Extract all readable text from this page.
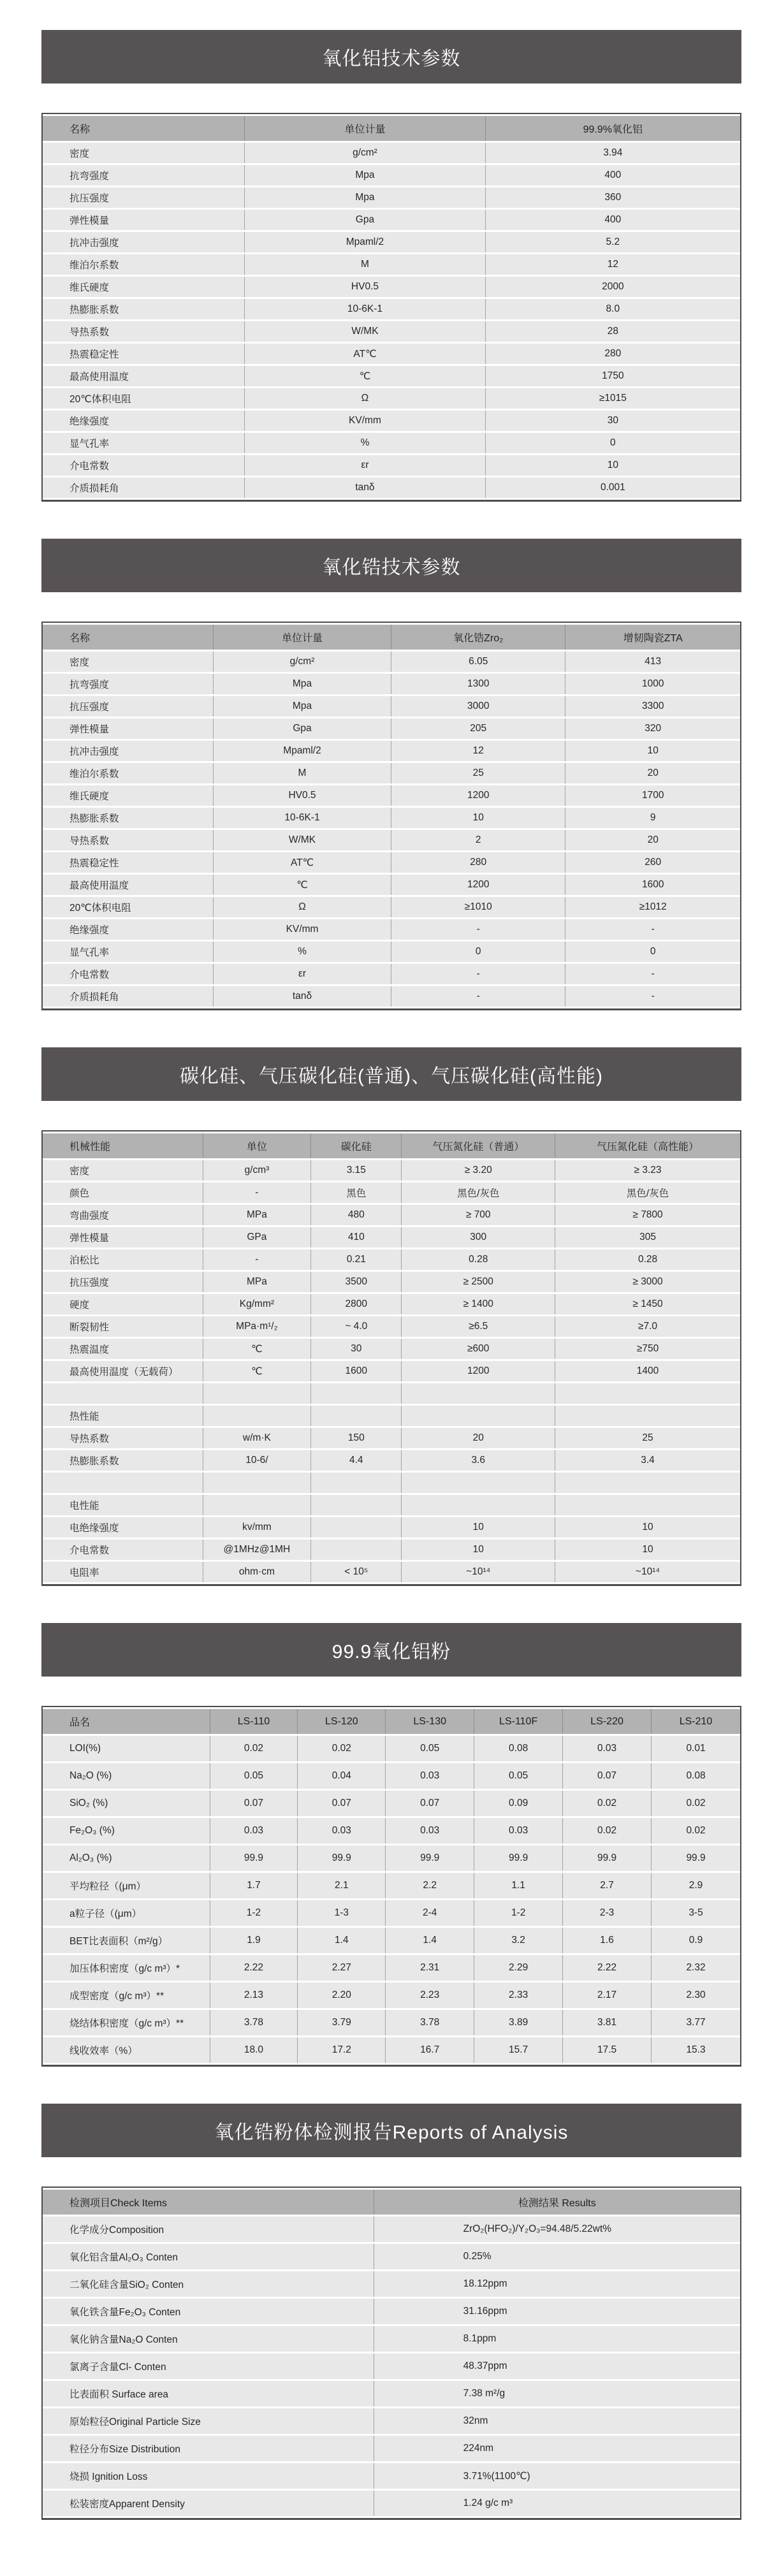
氧化铝技术参数
名称	单位计量	99.9%氧化铝
密度	g/cm²	3.94
抗弯强度	Mpa	400
抗压强度	Mpa	360
弹性模量	Gpa	400
抗冲击强度	Mpaml/2	5.2
维泊尔系数	M	12
维氏硬度	HV0.5	2000
热膨胀系数	10-6K-1	8.0
导热系数	W/MK	28
热震稳定性	AT℃	280
最高使用温度	℃	1750
20℃体积电阻	Ω	≥1015
绝缘强度	KV/mm	30
显气孔率	%	0
介电常数	εr	10
介质损耗角	tanδ	0.001
氧化锆技术参数
名称	单位计量	氧化锆Zro₂	增韧陶瓷ZTA
密度	g/cm²	6.05	413
抗弯强度	Mpa	1300	1000
抗压强度	Mpa	3000	3300
弹性模量	Gpa	205	320
抗冲击强度	Mpaml/2	12	10
维泊尔系数	M	25	20
维氏硬度	HV0.5	1200	1700
热膨胀系数	10-6K-1	10	9
导热系数	W/MK	2	20
热震稳定性	AT℃	280	260
最高使用温度	℃	1200	1600
20℃体积电阻	Ω	≥1010	≥1012
绝缘强度	KV/mm	-	-
显气孔率	%	0	0
介电常数	εr	-	-
介质损耗角	tanδ	-	-
碳化硅、气压碳化硅(普通)、气压碳化硅(高性能)
机械性能	单位	碳化硅	气压氮化硅（普通）	气压氮化硅（高性能）
密度	g/cm³	3.15	≥ 3.20	≥ 3.23
颜色	-	黑色	黑色/灰色	黑色/灰色
弯曲强度	MPa	480	≥ 700	≥ 7800
弹性模量	GPa	410	300	305
泊松比	-	0.21	0.28	0.28
抗压强度	MPa	3500	≥ 2500	≥ 3000
硬度	Kg/mm²	2800	≥ 1400	≥ 1450
断裂韧性	MPa·m¹/₂	~ 4.0	≥6.5	≥7.0
热震温度	℃	30	≥600	≥750
最高使用温度（无载荷）	℃	1600	1200	1400

热性能				
导热系数	w/m·K	150	20	25
热膨胀系数	10-6/	4.4	3.6	3.4

电性能				
电绝缘强度	kv/mm		10	10
介电常数	@1MHz@1MH		10	10
电阻率	ohm·cm	< 10⁵	~10¹⁴	~10¹⁴
99.9氧化铝粉
品名	LS-110	LS-120	LS-130	LS-110F	LS-220	LS-210
LOI(%)	0.02	0.02	0.05	0.08	0.03	0.01
Na₂O (%)	0.05	0.04	0.03	0.05	0.07	0.08
SiO₂ (%)	0.07	0.07	0.07	0.09	0.02	0.02
Fe₂O₃ (%)	0.03	0.03	0.03	0.03	0.02	0.02
Al₂O₃ (%)	99.9	99.9	99.9	99.9	99.9	99.9
平均粒径（(μm）	1.7	2.1	2.2	1.1	2.7	2.9
a粒子径（(μm）	1-2	1-3	2-4	1-2	2-3	3-5
BET比表面积（m²/g）	1.9	1.4	1.4	3.2	1.6	0.9
加压体积密度（g/c m³）*	2.22	2.27	2.31	2.29	2.22	2.32
成型密度（g/c m³）**	2.13	2.20	2.23	2.33	2.17	2.30
烧结体积密度（g/c m³）**	3.78	3.79	3.78	3.89	3.81	3.77
线收效率（%）	18.0	17.2	16.7	15.7	17.5	15.3
氧化锆粉体检测报告Reports of Analysis
检测项目Check Items	检测结果 Results
化学成分Composition	ZrO₂(HFO₂)/Y₂O₃=94.48/5.22wt%
氧化铝含量Al₂O₃ Conten	0.25%
二氧化硅含量SiO₂ Conten	18.12ppm
氧化铁含量Fe₂O₃ Conten	31.16ppm
氧化钠含量Na₂O Conten	8.1ppm
氯离子含量Cl- Conten	48.37ppm
比表面积 Surface area	7.38 m²/g
原始粒径Original Particle Size	32nm
粒径分布Size Distribution	224nm
烧损 Ignition Loss	3.71%(1100℃)
松装密度Apparent Density	1.24 g/c m³
